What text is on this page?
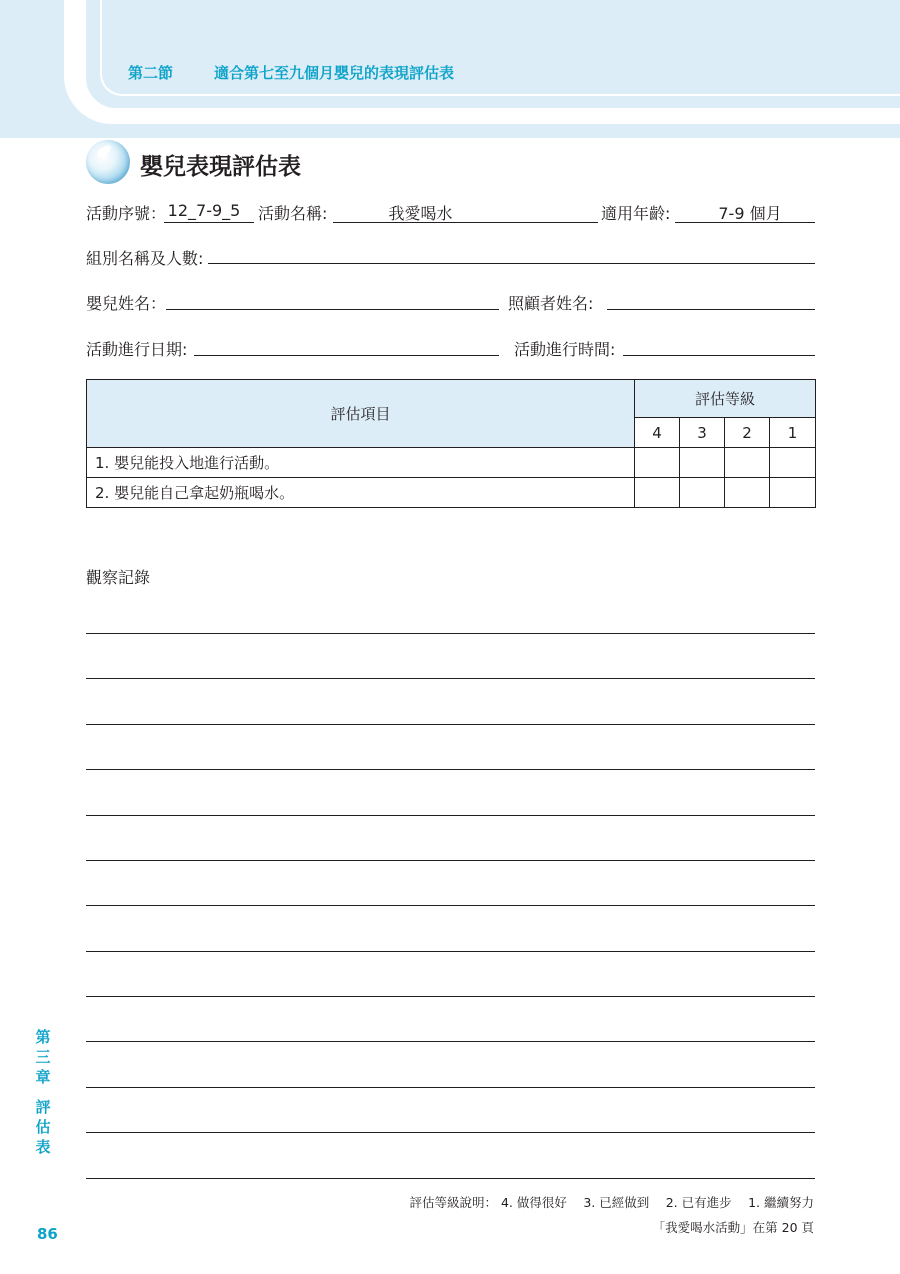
第二節	適合第七至九個月嬰兒的表現評估表
嬰兒表現評估表
活動序號： 12_7-9_5 活動名稱:	我愛喝水	適用年齡:	7-9 個月
組別名稱及人數:
嬰兒姓名：	照顧者姓名:
活動進行日期:	活動進行時間:
評估項目	評估等級			
	4	3	2	1
1. 嬰兒能投入地進行活動。				
2. 嬰兒能自己拿起奶瓶喝水。				
觀察記錄
第
三
章
評
估
表
評估等級說明： 4. 做得很好　 3. 已經做到　 2. 已有進步　 1. 繼續努力
「我愛喝水活動」在第 20 頁
86
